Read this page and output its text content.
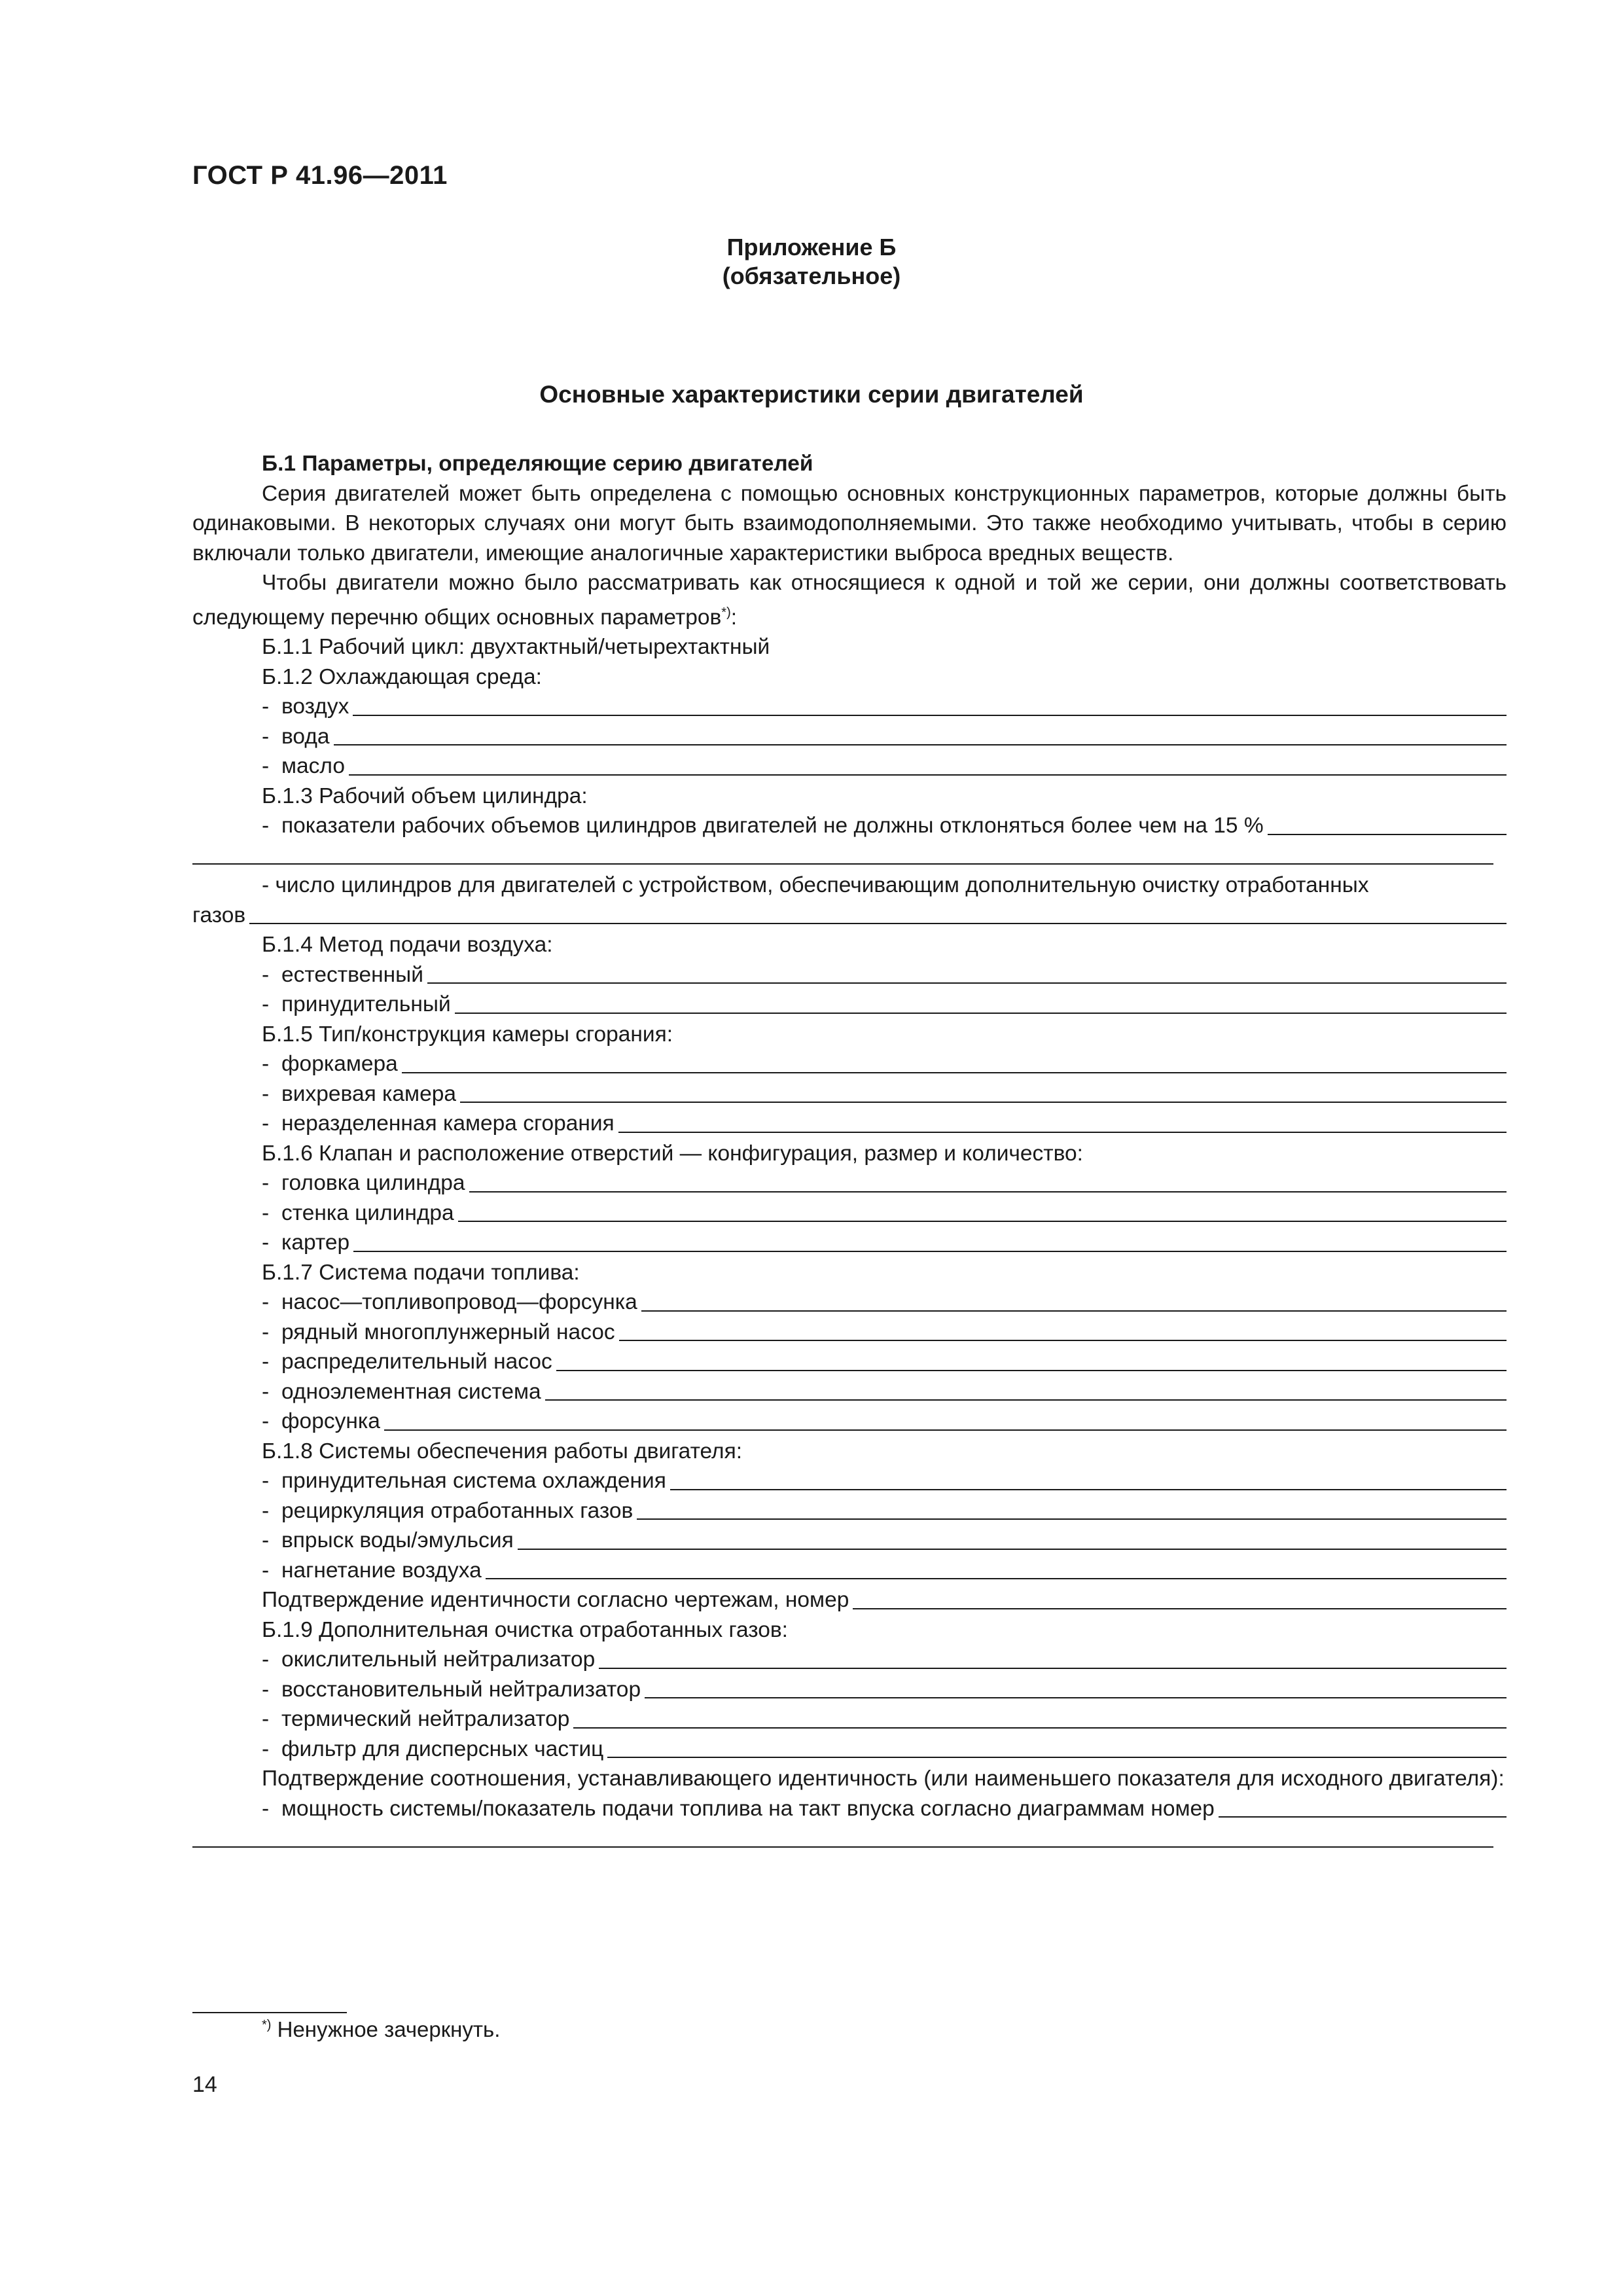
ГОСТ Р 41.96—2011
Приложение Б
(обязательное)
Основные характеристики серии двигателей
Б.1 Параметры, определяющие серию двигателей

Серия двигателей может быть определена с помощью основных конструкционных параметров, которые должны быть одинаковыми. В некоторых случаях они могут быть взаимодополняемыми. Это также необходимо учитывать, чтобы в серию включали только двигатели, имеющие аналогичные характеристики выброса вредных веществ.

Чтобы двигатели можно было рассматривать как относящиеся к одной и той же серии, они должны соответствовать следующему перечню общих основных параметров*):

Б.1.1 Рабочий цикл: двухтактный/четырехтактный
Б.1.2 Охлаждающая среда:
- воздух
- вода
- масло
Б.1.3 Рабочий объем цилиндра:
- показатели рабочих объемов цилиндров двигателей не должны отклоняться более чем на 15 %
- число цилиндров для двигателей с устройством, обеспечивающим дополнительную очистку отработанных
газов
Б.1.4 Метод подачи воздуха:
- естественный
- принудительный
Б.1.5 Тип/конструкция камеры сгорания:
- форкамера
- вихревая камера
- неразделенная камера сгорания
Б.1.6 Клапан и расположение отверстий — конфигурация, размер и количество:
- головка цилиндра
- стенка цилиндра
- картер
Б.1.7 Система подачи топлива:
- насос—топливопровод—форсунка
- рядный многоплунжерный насос
- распределительный насос
- одноэлементная система
- форсунка
Б.1.8 Системы обеспечения работы двигателя:
- принудительная система охлаждения
- рециркуляция отработанных газов
- впрыск воды/эмульсия
- нагнетание воздуха
Подтверждение идентичности согласно чертежам, номер
Б.1.9 Дополнительная очистка отработанных газов:
- окислительный нейтрализатор
- восстановительный нейтрализатор
- термический нейтрализатор
- фильтр для дисперсных частиц

Подтверждение соотношения, устанавливающего идентичность (или наименьшего показателя для исходного двигателя):

- мощность системы/показатель подачи топлива на такт впуска согласно диаграммам номер
*) Ненужное зачеркнуть.
14
